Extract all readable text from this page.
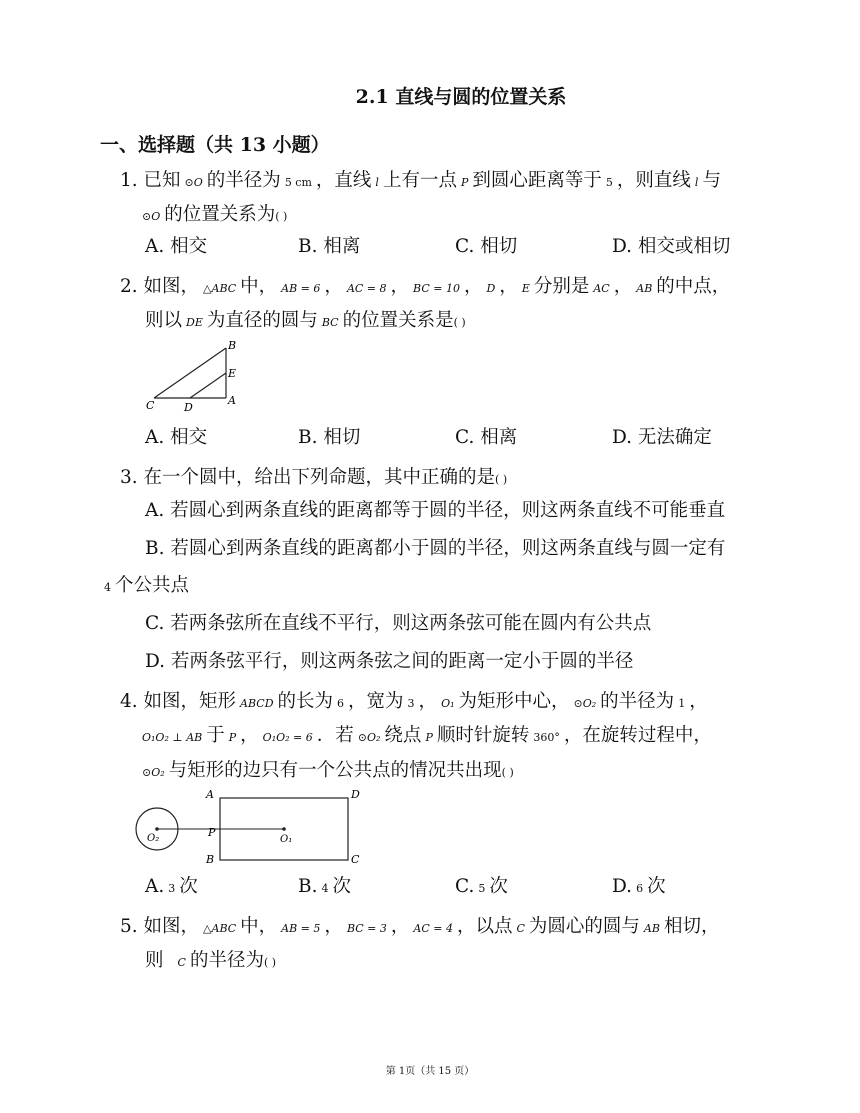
2.1 直线与圆的位置关系
一、选择题（共 13 小题）
1. 已知 ⊙O 的半径为 5 cm ，直线 l 上有一点 P 到圆心距离等于 5 ，则直线 l 与
⊙O 的位置关系为( )
A. 相交	B. 相离	C. 相切	D. 相交或相切
2. 如图， △ABC 中， AB = 6 ， AC = 8 ， BC = 10 ， D ， E 分别是 AC ， AB 的中点，
则以 DE 为直径的圆与 BC 的位置关系是( )
B
E
A
C	D
A. 相交	B. 相切	C. 相离	D. 无法确定
3. 在一个圆中，给出下列命题，其中正确的是( )
A. 若圆心到两条直线的距离都等于圆的半径，则这两条直线不可能垂直
B. 若圆心到两条直线的距离都小于圆的半径，则这两条直线与圆一定有
4 个公共点
C. 若两条弦所在直线不平行，则这两条弦可能在圆内有公共点
D. 若两条弦平行，则这两条弦之间的距离一定小于圆的半径
4. 如图，矩形 ABCD 的长为 6 ，宽为 3 ， O₁ 为矩形中心， ⊙O₂ 的半径为 1 ，
O₁O₂ ⊥ AB 于 P ， O₁O₂ = 6 ．若 ⊙O₂ 绕点 P 顺时针旋转 360° ，在旋转过程中，
⊙O₂ 与矩形的边只有一个公共点的情况共出现( )
A	D
P
O₁
O₂
B	C
A. 3 次	B. 4 次	C. 5 次	D. 6 次
5. 如图， △ABC 中， AB = 5 ， BC = 3 ， AC = 4 ，以点 C 为圆心的圆与 AB 相切，
则 C 的半径为( )
第 1页（共 15 页）
